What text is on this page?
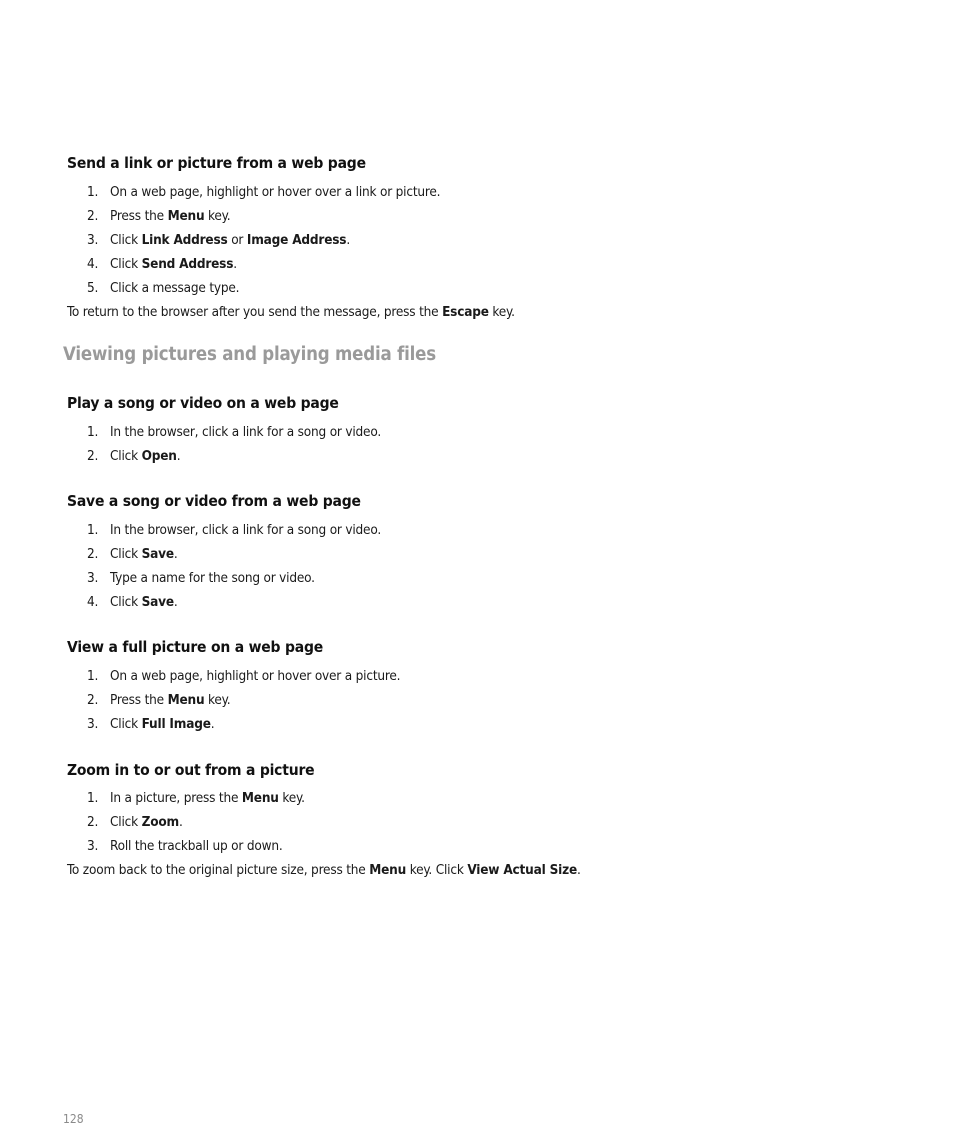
Send a link or picture from a web page
1. On a web page, highlight or hover over a link or picture.
2. Press the Menu key.
3. Click Link Address or Image Address.
4. Click Send Address.
5. Click a message type.

To return to the browser after you send the message, press the Escape key.

Viewing pictures and playing media files
Play a song or video on a web page
1. In the browser, click a link for a song or video.
2. Click Open.
Save a song or video from a web page
1. In the browser, click a link for a song or video.
2. Click Save.
3. Type a name for the song or video.
4. Click Save.
View a full picture on a web page
1. On a web page, highlight or hover over a picture.
2. Press the Menu key.
3. Click Full Image.
Zoom in to or out from a picture
1. In a picture, press the Menu key.
2. Click Zoom.
3. Roll the trackball up or down.

To zoom back to the original picture size, press the Menu key. Click View Actual Size.

128
